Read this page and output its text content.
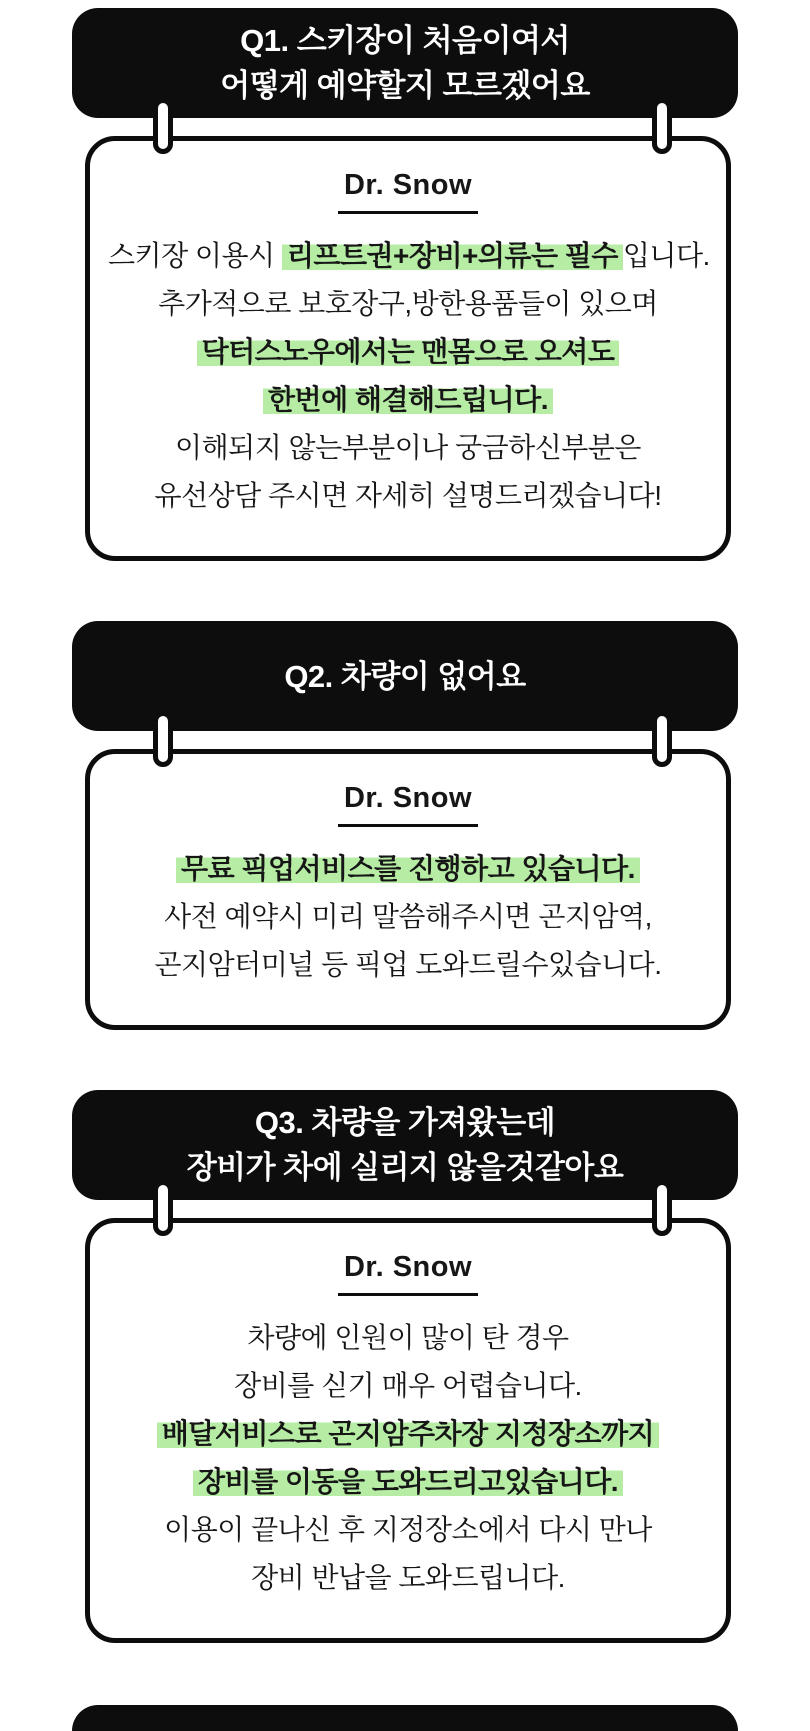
Q1. 스키장이 처음이여서
어떻게 예약할지 모르겠어요
Dr. Snow
스키장 이용시 리프트권+장비+의류는 필수 입니다.
추가적으로 보호장구,방한용품들이 있으며
닥터스노우에서는 맨몸으로 오셔도
한번에 해결해드립니다.
이해되지 않는부분이나 궁금하신부분은
유선상담 주시면 자세히 설명드리겠습니다!
Q2. 차량이 없어요
Dr. Snow
무료 픽업서비스를 진행하고 있습니다.
사전 예약시 미리 말씀해주시면 곤지암역,
곤지암터미널 등 픽업 도와드릴수있습니다.
Q3. 차량을 가져왔는데
장비가 차에 실리지 않을것같아요
Dr. Snow
차량에 인원이 많이 탄 경우
장비를 싣기 매우 어렵습니다.
배달서비스로 곤지암주차장 지정장소까지
장비를 이동을 도와드리고있습니다.
이용이 끝나신 후 지정장소에서 다시 만나
장비 반납을 도와드립니다.
